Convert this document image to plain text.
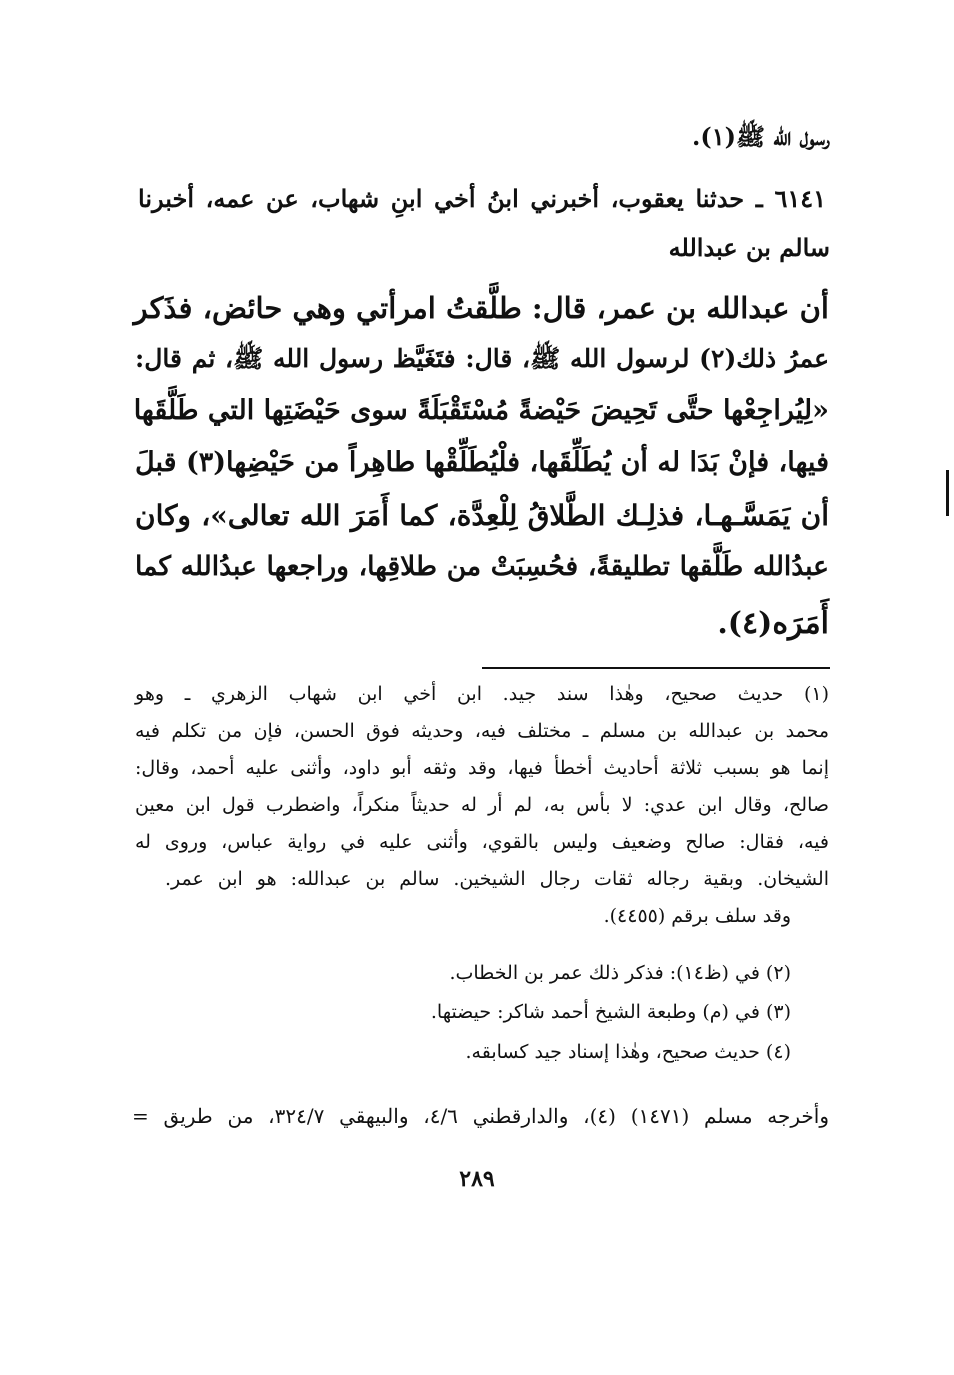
رسول الله ﷺ(١).
٦١٤١ ـ حدثنا يعقوب، أخبرني ابنُ أخي ابنِ شهاب، عن عمه، أخبرنا
سالم بن عبدالله
أن عبدالله بن عمر، قال: طلَّقتُ امرأتي وهي حائض، فذَكر
عمرُ ذلك(٢) لرسول الله ﷺ، قال: فتَغَيَّظ رسول الله ﷺ، ثم قال:
«لِيُراجِعْها حتَّى تَحِيضَ حَيْضةً مُسْتَقْبَلَةً سوى حَيْضَتِها التي طَلَّقَها
فيها، فإنْ بَدَا له أن يُطَلِّقَها، فلْيُطَلِّقْها طاهِراً من حَيْضِها(٣) قبلَ
أن يَمَسَّـهـا، فذلِـك الطَّلاقُ لِلْعِدَّة، كما أَمَرَ الله تعالى»، وكان
عبدُالله طَلَّقها تطليقةً، فحُسِبَتْ من طلاقِها، وراجعها عبدُالله كما
أَمَرَه(٤).
(١) حديث صحيح، وهٰذا سند جيد. ابن أخي ابن شهاب الزهري ـ وهو
محمد بن عبدالله بن مسلم ـ مختلف فيه، وحديثه فوق الحسن، فإن من تكلم فيه
إنما هو بسبب ثلاثة أحاديث أخطأ فيها، وقد وثقه أبو داود، وأثنى عليه أحمد، وقال:
صالح، وقال ابن عدي: لا بأس به، لم أر له حديثاً منكراً، واضطرب قول ابن معين
فيه، فقال: صالح وضعيف وليس بالقوي، وأثنى عليه في رواية عباس، وروى له
الشيخان. وبقية رجاله ثقات رجال الشيخين. سالم بن عبدالله: هو ابن عمر.
وقد سلف برقم (٤٤٥٥).
(٢) في (ظ١٤): فذكر ذلك عمر بن الخطاب.
(٣) في (م) وطبعة الشيخ أحمد شاكر: حيضتها.
(٤) حديث صحيح، وهٰذا إسناد جيد كسابقه.
وأخرجه مسلم (١٤٧١) (٤)، والدارقطني ٤/٦، والبيهقي ٣٢٤/٧، من طريق =
٢٨٩
